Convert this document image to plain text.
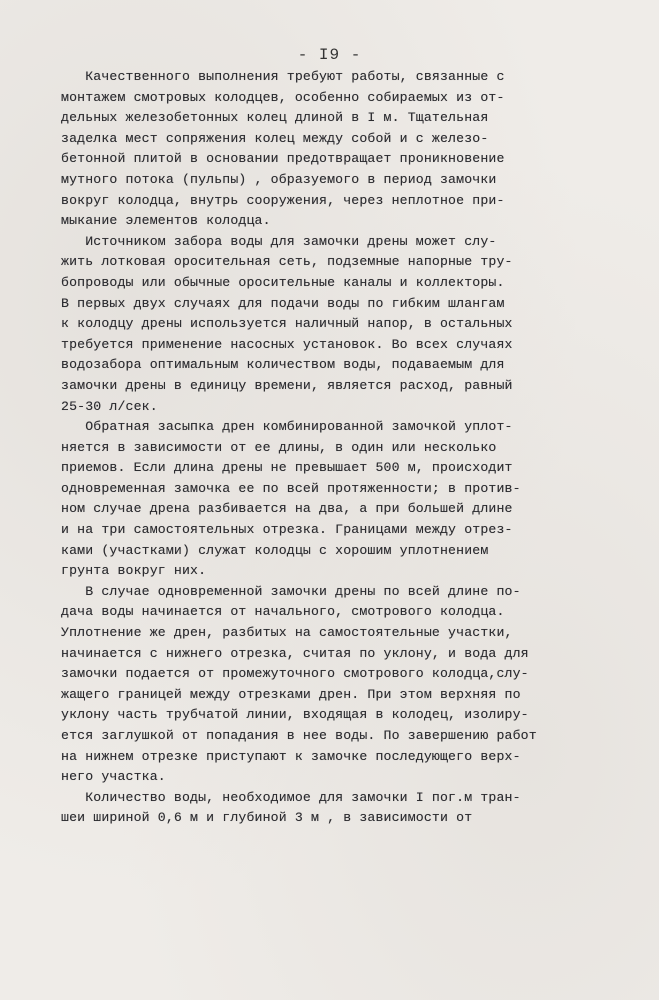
- I9 -
Качественного выполнения требуют работы, связанные с
монтажем смотровых колодцев, особенно собираемых из от-
дельных железобетонных колец длиной в I м. Тщательная
заделка мест сопряжения колец между собой и с железо-
бетонной плитой в основании предотвращает проникновение
мутного потока (пульпы) , образуемого в период замочки
вокруг колодца, внутрь сооружения, через неплотное при-
мыкание элементов колодца.
Источником забора воды для замочки дрены может слу-
жить лотковая оросительная сеть, подземные напорные тру-
бопроводы или обычные оросительные каналы и коллекторы.
В первых двух случаях для подачи воды по гибким шлангам
к колодцу дрены используется наличный напор, в остальных
требуется применение насосных установок. Во всех случаях
водозабора оптимальным количеством воды, подаваемым для
замочки дрены в единицу времени, является расход, равный
25-30 л/сек.
Обратная засыпка дрен комбинированной замочкой уплот-
няется в зависимости от ее длины, в один или несколько
приемов. Если длина дрены не превышает 500 м, происходит
одновременная замочка ее по всей протяженности; в против-
ном случае дрена разбивается на два, а при большей длине
и на три самостоятельных отрезка. Границами между отрез-
ками (участками) служат колодцы с хорошим уплотнением
грунта вокруг них.
В случае одновременной замочки дрены по всей длине по-
дача воды начинается от начального, смотрового колодца.
Уплотнение же дрен, разбитых на самостоятельные участки,
начинается с нижнего отрезка, считая по уклону, и вода для
замочки подается от промежуточного смотрового колодца,слу-
жащего границей между отрезками дрен. При этом верхняя по
уклону часть трубчатой линии, входящая в колодец, изолиру-
ется заглушкой от попадания в нее воды. По завершению работ
на нижнем отрезке приступают к замочке последующего верх-
него участка.
Количество воды, необходимое для замочки I пог.м тран-
шеи шириной 0,6 м и глубиной 3 м , в зависимости от
